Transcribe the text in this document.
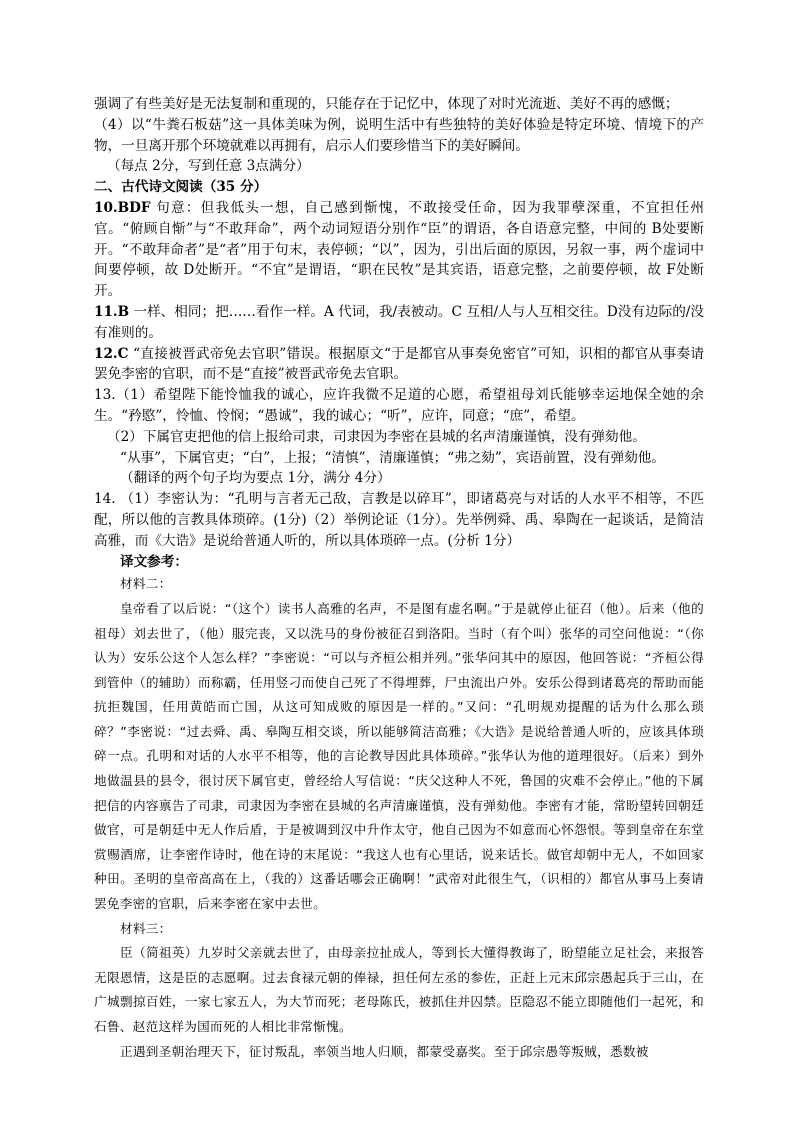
强调了有些美好是无法复制和重现的，只能存在于记忆中，体现了对时光流逝、美好不再的感慨；

（4）以“牛粪石板菇”这一具体美味为例，说明生活中有些独特的美好体验是特定环境、情境下的产物，一旦离开那个环境就难以再拥有，启示人们要珍惜当下的美好瞬间。

（每点 2分，写到任意 3点满分）

二、古代诗文阅读（35 分）

10.BDF 句意：但我低头一想，自己感到惭愧，不敢接受任命，因为我罪孽深重，不宜担任州官。“俯顾自惭”与“不敢拜命”，两个动词短语分别作“臣”的谓语，各自语意完整，中间的 B处要断开。“不敢拜命者”是“者”用于句末，表停顿；“以”，因为，引出后面的原因，另叙一事，两个虚词中间要停顿，故 D处断开。“不宜”是谓语，“职在民牧”是其宾语，语意完整，之前要停顿，故 F处断开。

11.B 一样、相同；把……看作一样。A 代词，我/表被动。C 互相/人与人互相交往。D没有边际的/没有准则的。

12.C “直接被晋武帝免去官职”错误。根据原文“于是都官从事奏免密官”可知，识相的都官从事奏请罢免李密的官职，而不是“直接”被晋武帝免去官职。

13.（1）希望陛下能怜恤我的诚心，应许我微不足道的心愿，希望祖母刘氏能够幸运地保全她的余生。“矜愍”，怜恤、怜悯；“愚诚”，我的诚心；“听”，应许，同意；“庶”，希望。

（2）下属官吏把他的信上报给司隶，司隶因为李密在县城的名声清廉谨慎，没有弹劾他。

“从事”，下属官吏；“白”，上报；“清慎”，清廉谨慎；“弗之劾”，宾语前置，没有弹劾他。

（翻译的两个句子均为要点 1分，满分 4分）

14. （1）李密认为：“孔明与言者无己敌，言教是以碎耳”，即诸葛亮与对话的人水平不相等，不匹配，所以他的言教具体琐碎。(1分)（2）举例论证（1分）。先举例舜、禹、皋陶在一起谈话，是简洁高雅，而《大诰》是说给普通人听的，所以具体琐碎一点。(分析 1分）

译文参考：

材料二：

皇帝看了以后说：“（这个）读书人高雅的名声，不是图有虚名啊。”于是就停止征召（他）。后来（他的祖母）刘去世了，（他）服完丧，又以洗马的身份被征召到洛阳。当时（有个叫）张华的司空问他说：“（你认为）安乐公这个人怎么样？”李密说：“可以与齐桓公相并列。”张华问其中的原因，他回答说：“齐桓公得到管仲（的辅助）而称霸，任用竖刁而使自己死了不得埋葬，尸虫流出户外。安乐公得到诸葛亮的帮助而能抗拒魏国，任用黄皓而亡国，从这可知成败的原因是一样的。”又问：“孔明规劝提醒的话为什么那么琐碎？”李密说：“过去舜、禹、皋陶互相交谈，所以能够简洁高雅；《大诰》是说给普通人听的，应该具体琐碎一点。孔明和对话的人水平不相等，他的言论教导因此具体琐碎。”张华认为他的道理很好。（后来）到外地做温县的县令，很讨厌下属官吏，曾经给人写信说：“庆父这种人不死，鲁国的灾难不会停止。”他的下属把信的内容禀告了司隶，司隶因为李密在县城的名声清廉谨慎，没有弹劾他。李密有才能，常盼望转回朝廷做官，可是朝廷中无人作后盾，于是被调到汉中升作太守，他自己因为不如意而心怀怨恨。等到皇帝在东堂赏赐酒席，让李密作诗时，他在诗的末尾说：“我这人也有心里话，说来话长。做官却朝中无人，不如回家种田。圣明的皇帝高高在上，（我的）这番话哪会正确啊！”武帝对此很生气，（识相的）都官从事马上奏请罢免李密的官职，后来李密在家中去世。

材料三：

臣（简祖英）九岁时父亲就去世了，由母亲拉扯成人，等到长大懂得教诲了，盼望能立足社会，来报答无限恩情，这是臣的志愿啊。过去食禄元朝的俸禄，担任何左丞的参佐，正赶上元末邱宗愚起兵于三山，在广城剽掠百姓，一家七家五人，为大节而死；老母陈氏，被抓住并囚禁。臣隐忍不能立即随他们一起死，和石鲁、赵范这样为国而死的人相比非常惭愧。

正遇到圣朝治理天下，征讨叛乱，率领当地人归顺，都蒙受嘉奖。至于邱宗愚等叛贼，悉数被
